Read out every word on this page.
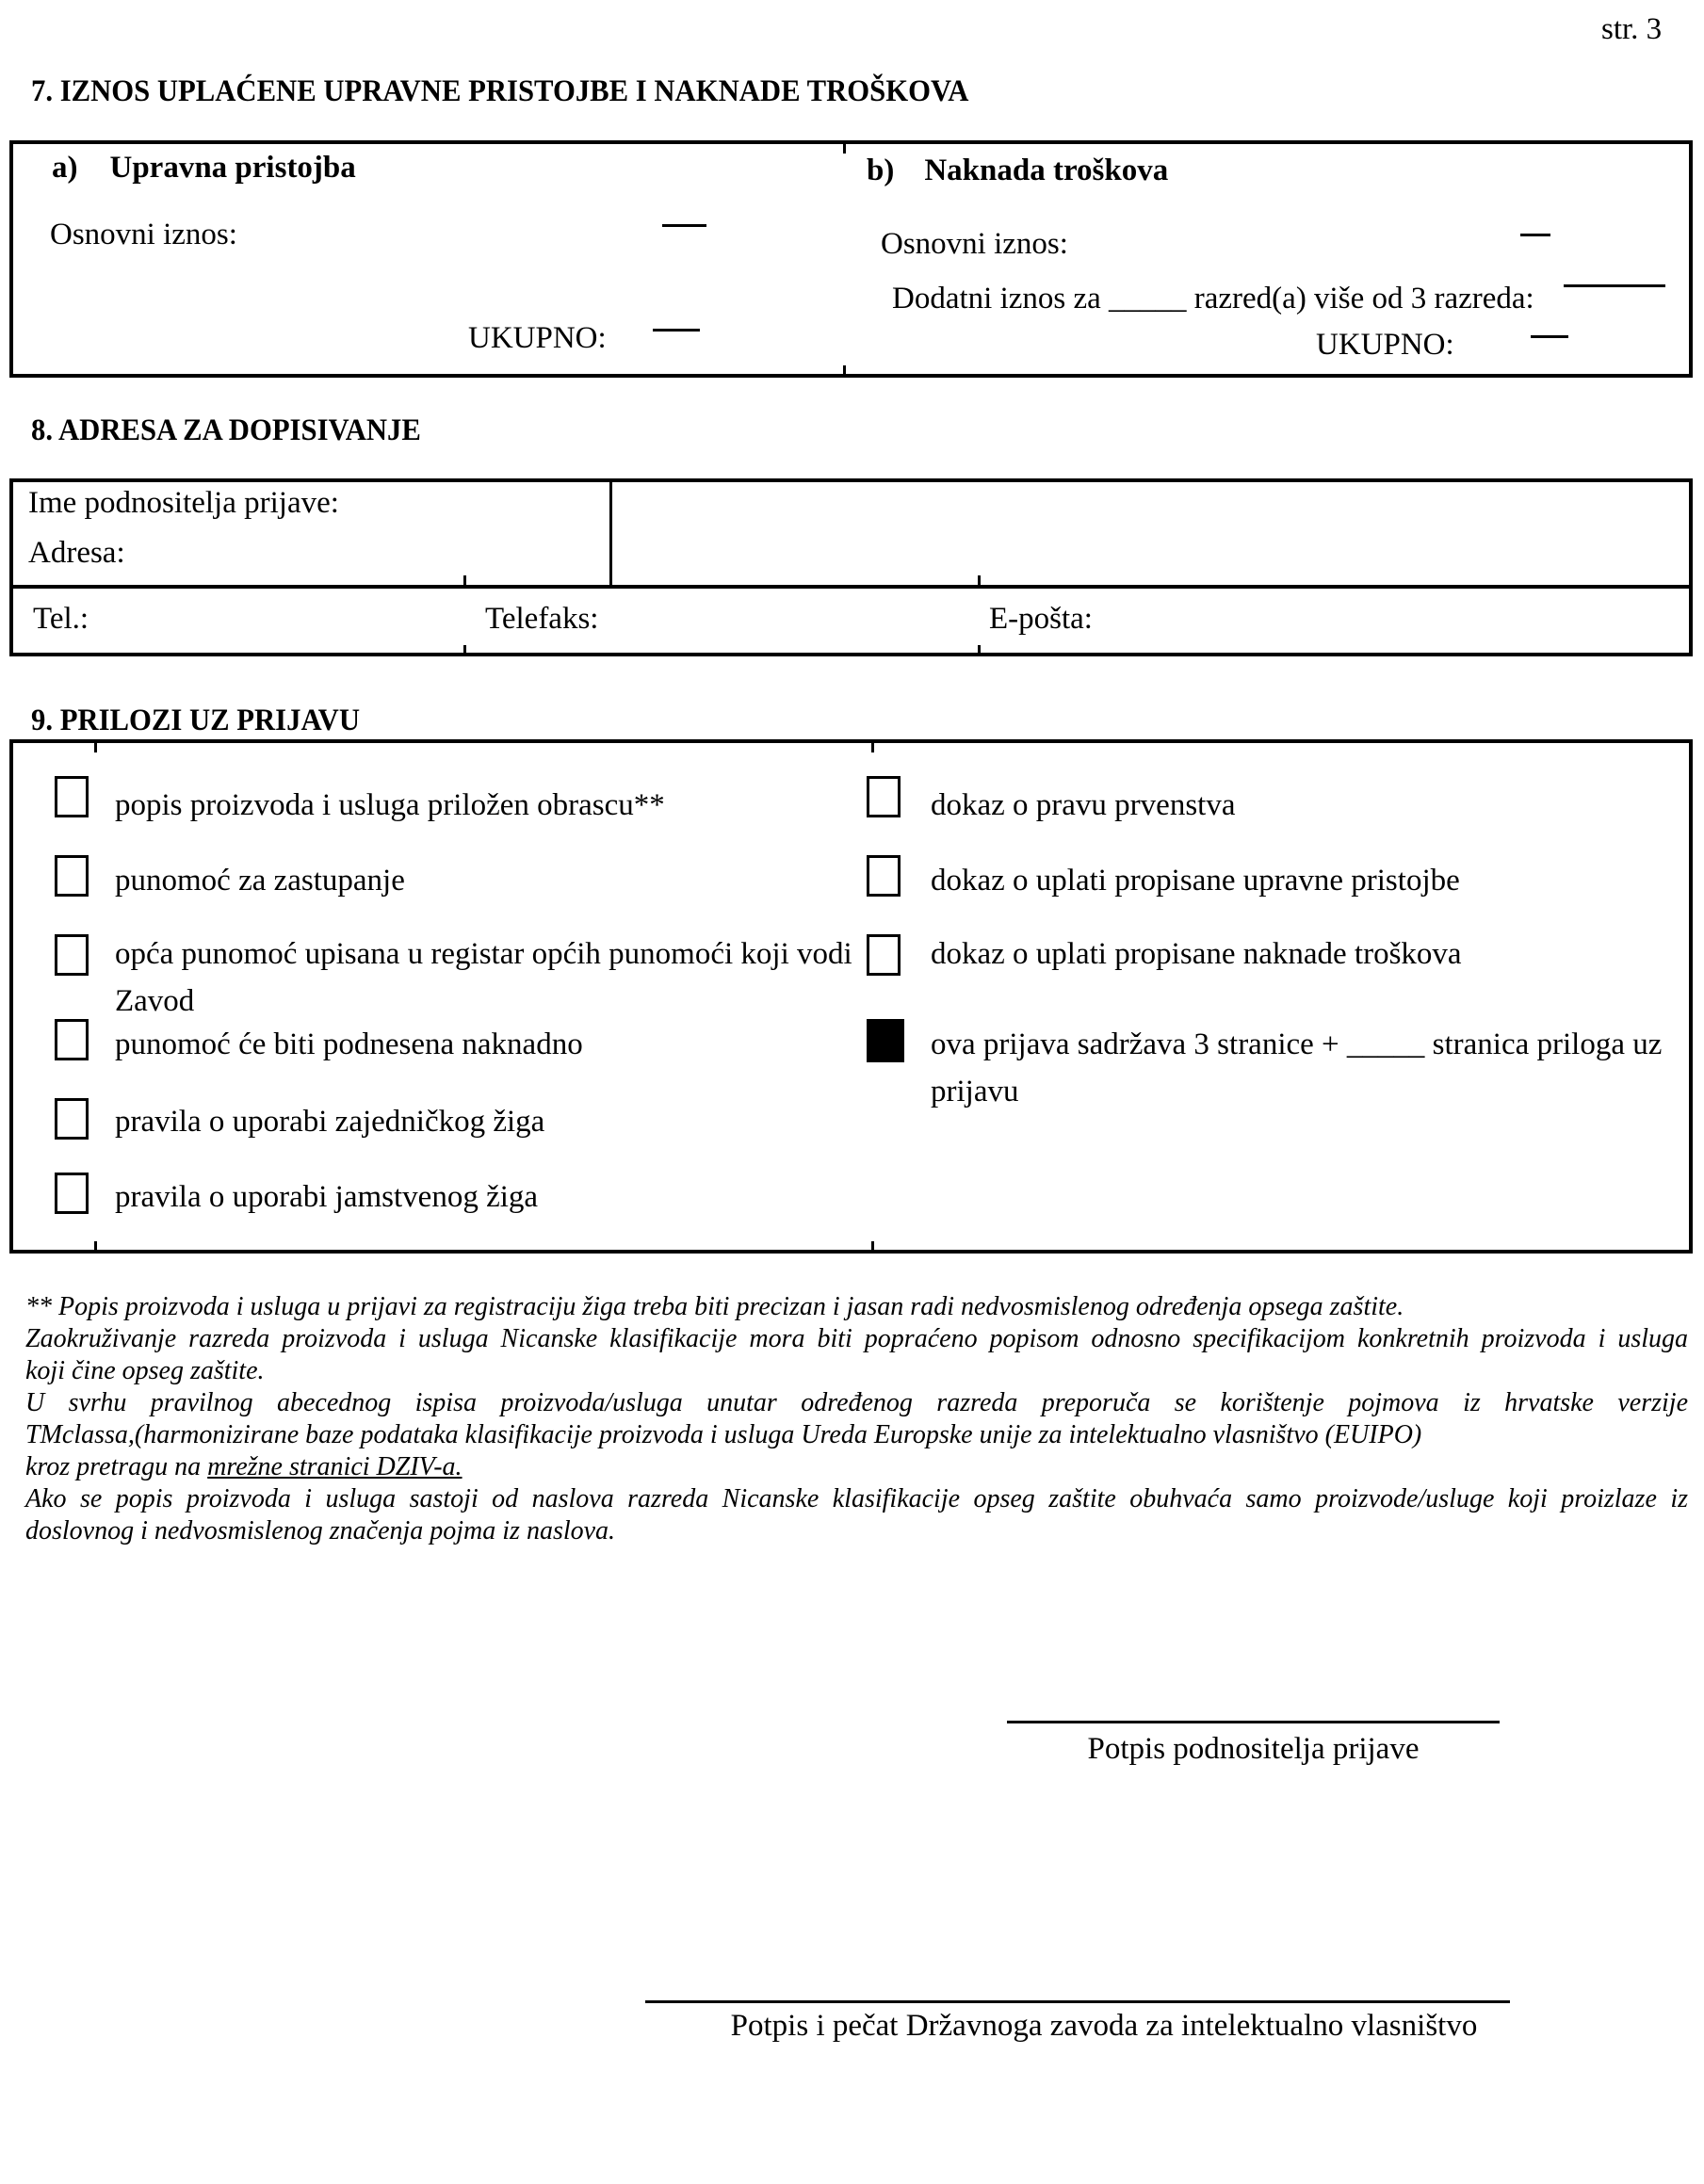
str. 3
7. IZNOS UPLAĆENE UPRAVNE PRISTOJBE I NAKNADE TROŠKOVA
a) Upravna pristojba	b) Naknada troškova
Osnovni iznos:	Osnovni iznos:
Dodatni iznos za _____ razred(a) više od 3 razreda:
UKUPNO:	UKUPNO:
8. ADRESA ZA DOPISIVANJE
Ime podnositelja prijave:
Adresa:
Tel.:	Telefaks:	E-pošta:
9. PRILOZI UZ PRIJAVU
popis proizvoda i usluga priložen obrascu**
punomoć za zastupanje
opća punomoć upisana u registar općih punomoći koji vodi Zavod
punomoć će biti podnesena naknadno
pravila o uporabi zajedničkog žiga
pravila o uporabi jamstvenog žiga
dokaz o pravu prvenstva
dokaz o uplati propisane upravne pristojbe
dokaz o uplati propisane naknade troškova
ova prijava sadržava 3 stranice + _____ stranica priloga uz prijavu
** Popis proizvoda i usluga u prijavi za registraciju žiga treba biti precizan i jasan radi nedvosmislenog određenja opsega zaštite.
Zaokruživanje razreda proizvoda i usluga Nicanske klasifikacije mora biti popraćeno popisom odnosno specifikacijom konkretnih proizvoda i usluga
koji čine opseg zaštite.
U svrhu pravilnog abecednog ispisa proizvoda/usluga unutar određenog razreda preporuča se korištenje pojmova iz hrvatske verzije
TMclassa,(harmonizirane baze podataka klasifikacije proizvoda i usluga Ureda Europske unije za intelektualno vlasništvo (EUIPO)
kroz pretragu na mrežne stranici DZIV-a.
Ako se popis proizvoda i usluga sastoji od naslova razreda Nicanske klasifikacije opseg zaštite obuhvaća samo proizvode/usluge koji proizlaze iz
doslovnog i nedvosmislenog značenja pojma iz naslova.
Potpis podnositelja prijave
Potpis i pečat Državnoga zavoda za intelektualno vlasništvo
